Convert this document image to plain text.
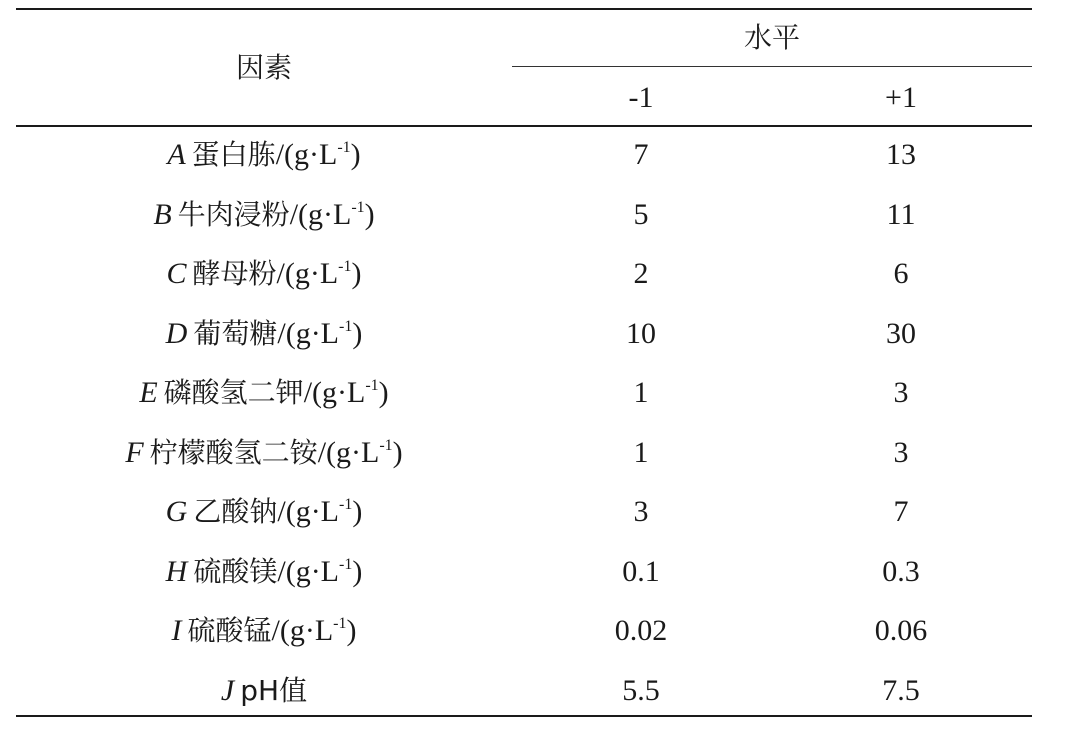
因素
水平
-1	+1
A  蛋白胨$/(g\cdot L^{-1})$	7	13
B  牛肉浸粉$/(g\cdot L^{-1})$	5	11
C  酵母粉$/(g\cdot L^{-1})$	2	6
D  葡萄糖$/(g\cdot L^{-1})$	10	30
E  磷酸氢二钾$/(g\cdot L^{-1})$	1	3
F  柠檬酸氢二铵$/(g\cdot L^{-1})$	1	3
G  乙酸钠$/(g\cdot L^{-1})$	3	7
H  硫酸镁$/(g\cdot L^{-1})$	0.1	0.3
I  硫酸锰$/(g\cdot L^{-1})$	0.02	0.06
J  pH值	5.5	7.5
